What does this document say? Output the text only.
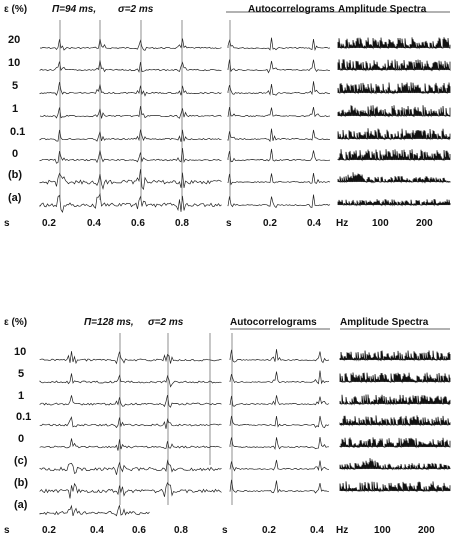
ε (%) Π=94 ms, σ=2 ms	Autocorrelograms Amplitude Spectra
20
10
5
1
0.1
0
(b)
(a)
s	0.2	0.4	0.6	0.8	s	0.2	0.4 Hz 100	200
ε (%)	Π=128 ms, σ=2 ms	Autocorrelograms Amplitude Spectra
10
5
1
0.1
0
(c)
(b)
(a)
s	0.2	0.4	0.6	0.8	s	0.2	0.4 Hz	100	200
